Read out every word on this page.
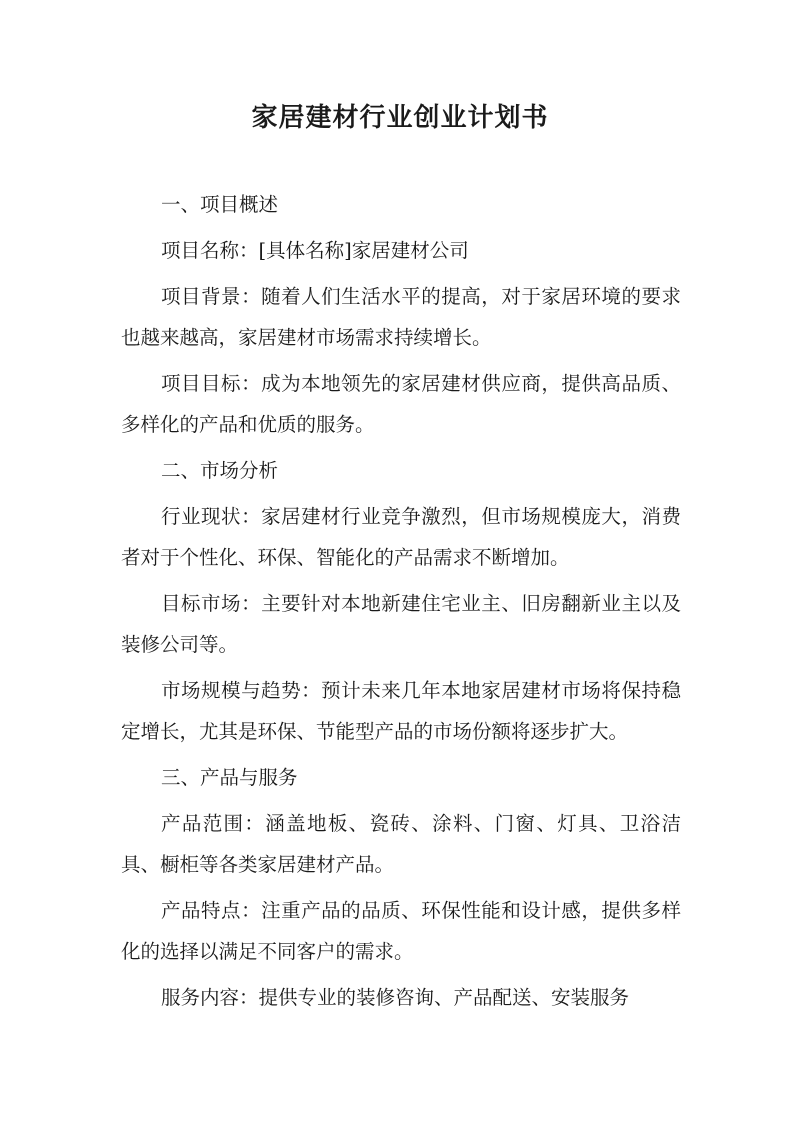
家居建材行业创业计划书

一、项目概述

项目名称：[具体名称]家居建材公司

项目背景：随着人们生活水平的提高，对于家居环境的要求也越来越高，家居建材市场需求持续增长。

项目目标：成为本地领先的家居建材供应商，提供高品质、多样化的产品和优质的服务。

二、市场分析

行业现状：家居建材行业竞争激烈，但市场规模庞大，消费者对于个性化、环保、智能化的产品需求不断增加。

目标市场：主要针对本地新建住宅业主、旧房翻新业主以及装修公司等。

市场规模与趋势：预计未来几年本地家居建材市场将保持稳定增长，尤其是环保、节能型产品的市场份额将逐步扩大。

三、产品与服务

产品范围：涵盖地板、瓷砖、涂料、门窗、灯具、卫浴洁具、橱柜等各类家居建材产品。

产品特点：注重产品的品质、环保性能和设计感，提供多样化的选择以满足不同客户的需求。

服务内容：提供专业的装修咨询、产品配送、安装服务
